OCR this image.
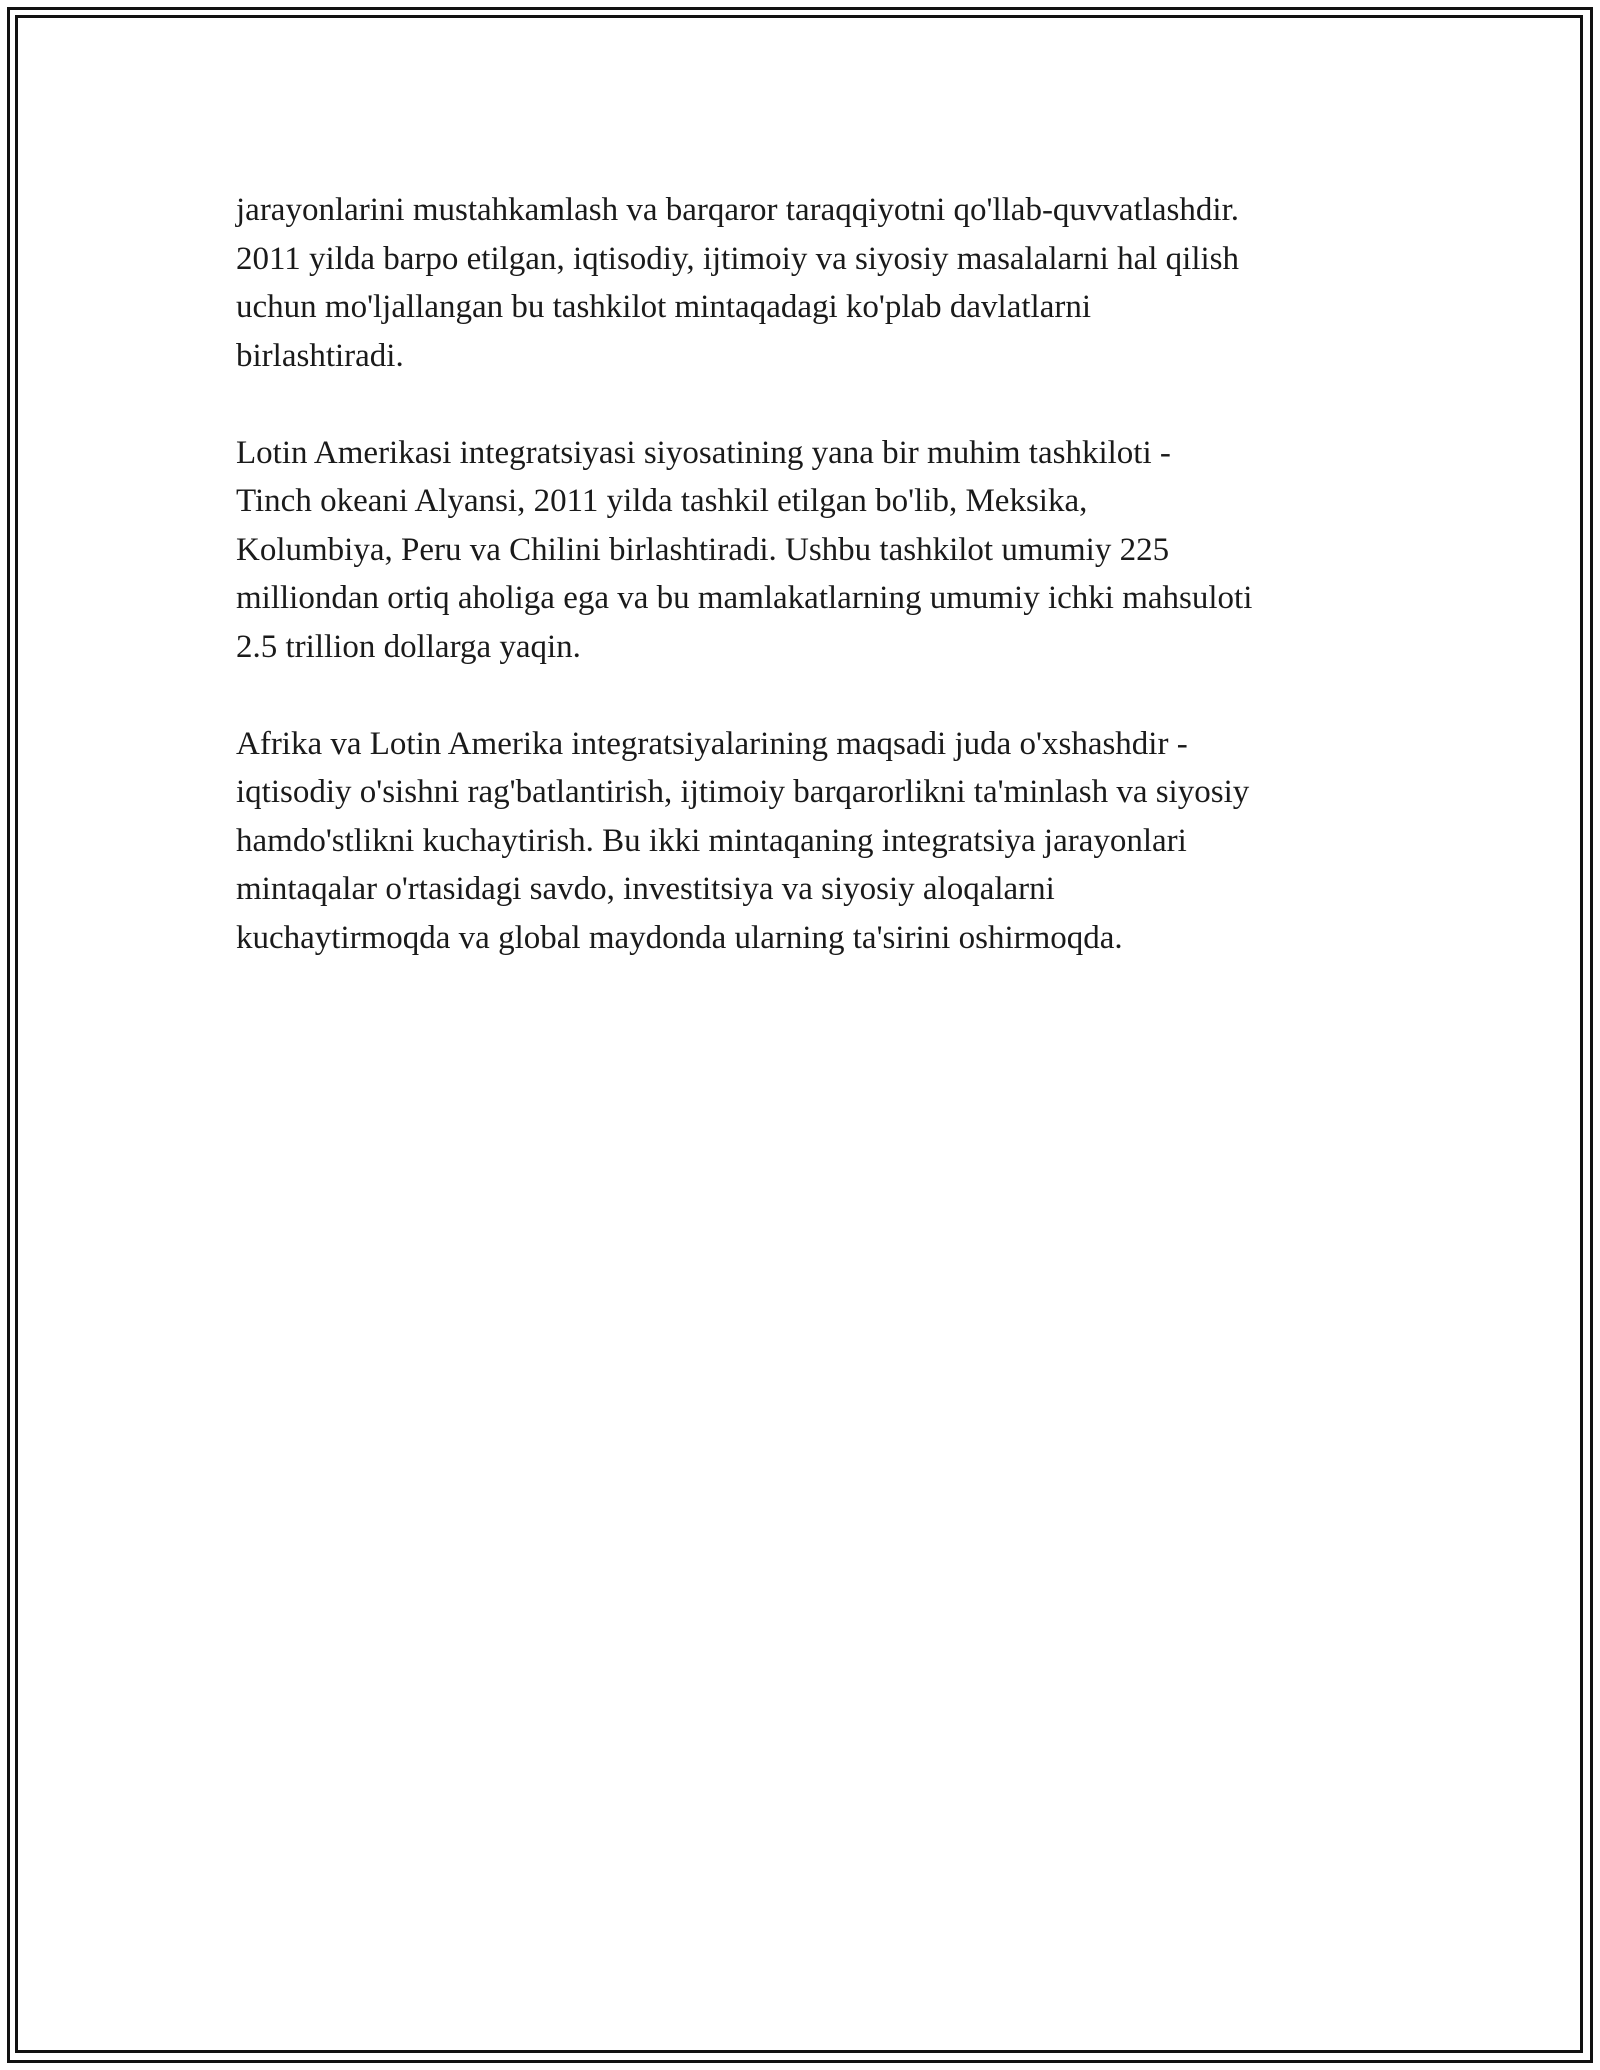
jarayonlarini mustahkamlash va barqaror taraqqiyotni qo'llab-quvvatlashdir.
2011 yilda barpo etilgan, iqtisodiy, ijtimoiy va siyosiy masalalarni hal qilish
uchun mo'ljallangan bu tashkilot mintaqadagi ko'plab davlatlarni
birlashtiradi.

Lotin Amerikasi integratsiyasi siyosatining yana bir muhim tashkiloti -
Tinch okeani Alyansi, 2011 yilda tashkil etilgan bo'lib, Meksika,
Kolumbiya, Peru va Chilini birlashtiradi. Ushbu tashkilot umumiy 225
milliondan ortiq aholiga ega va bu mamlakatlarning umumiy ichki mahsuloti
2.5 trillion dollarga yaqin.

Afrika va Lotin Amerika integratsiyalarining maqsadi juda o'xshashdir -
iqtisodiy o'sishni rag'batlantirish, ijtimoiy barqarorlikni ta'minlash va siyosiy
hamdo'stlikni kuchaytirish. Bu ikki mintaqaning integratsiya jarayonlari
mintaqalar o'rtasidagi savdo, investitsiya va siyosiy aloqalarni
kuchaytirmoqda va global maydonda ularning ta'sirini oshirmoqda.
